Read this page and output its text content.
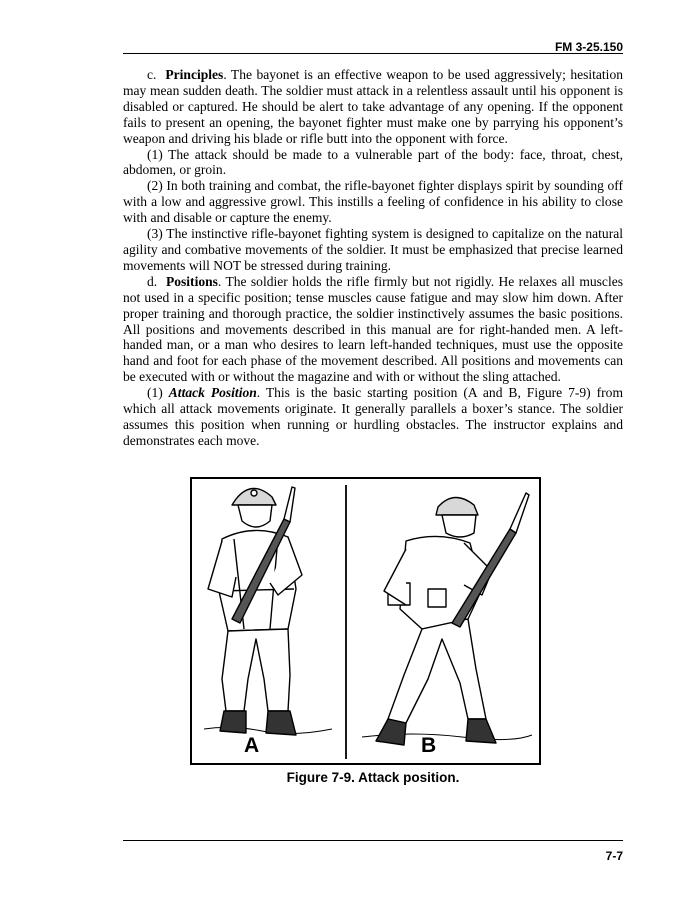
FM 3-25.150

c. Principles. The bayonet is an effective weapon to be used aggressively; hesitation may mean sudden death. The soldier must attack in a relentless assault until his opponent is disabled or captured. He should be alert to take advantage of any opening. If the opponent fails to present an opening, the bayonet fighter must make one by parrying his opponent’s weapon and driving his blade or rifle butt into the opponent with force.

(1) The attack should be made to a vulnerable part of the body: face, throat, chest, abdomen, or groin.

(2) In both training and combat, the rifle-bayonet fighter displays spirit by sounding off with a low and aggressive growl. This instills a feeling of confidence in his ability to close with and disable or capture the enemy.

(3) The instinctive rifle-bayonet fighting system is designed to capitalize on the natural agility and combative movements of the soldier. It must be emphasized that precise learned movements will NOT be stressed during training.

d. Positions. The soldier holds the rifle firmly but not rigidly. He relaxes all muscles not used in a specific position; tense muscles cause fatigue and may slow him down. After proper training and thorough practice, the soldier instinctively assumes the basic positions. All positions and movements described in this manual are for right-handed men. A left-handed man, or a man who desires to learn left-handed techniques, must use the opposite hand and foot for each phase of the movement described. All positions and movements can be executed with or without the magazine and with or without the sling attached.

(1) Attack Position. This is the basic starting position (A and B, Figure 7-9) from which all attack movements originate. It generally parallels a boxer’s stance. The soldier assumes this position when running or hurdling obstacles. The instructor explains and demonstrates each move.

A	B
Figure 7-9. Attack position.
7-7
